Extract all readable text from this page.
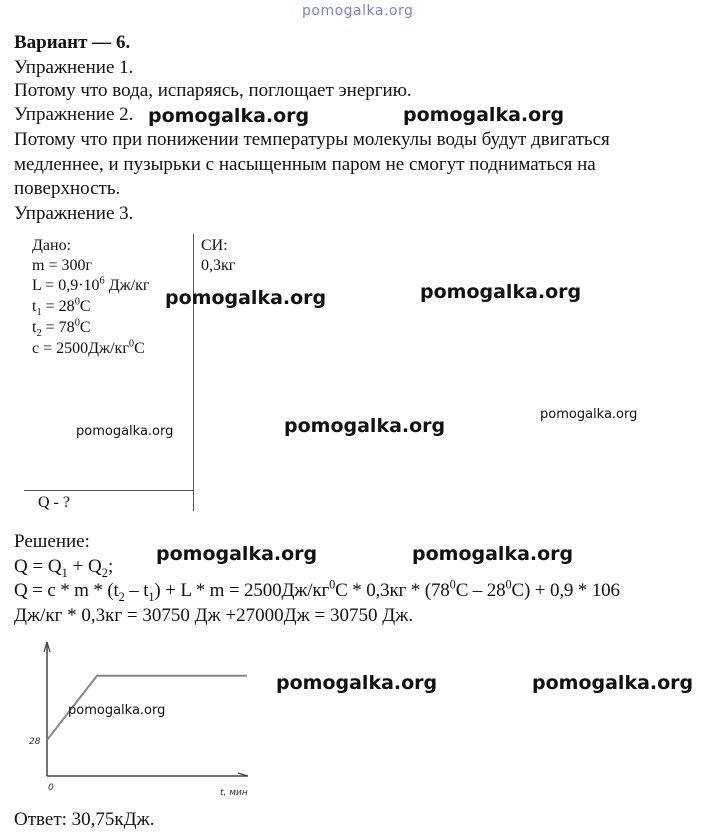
pomogalka.org
Вариант — 6.
Упражнение 1.
Потому что вода, испаряясь, поглощает энергию.
Упражнение 2.
Потому что при понижении температуры молекулы воды будут двигаться
медленнее, и пузырьки с насыщенным паром не смогут подниматься на
поверхность.
Упражнение 3.
Дано:
m = 300г
$L = 0,9\cdot 10^6$ Дж/кг
$t_1 = 28^0C$
$t_2 = 78^0C$
$c = 2500Дж/кг^0C$
СИ:
0,3кг
Q - ?
Решение:
$Q = Q_1 + Q_2$;
$Q = c * m * (t_2 - t_1) + L * m = 2500Дж/кг^0C * 0,3кг * (78^0C - 28^0C) + 0,9 * 106$
Дж/кг * 0,3кг = 30750 Дж +27000Дж = 30750 Дж.
28
0	t, мин
Ответ: 30,75кДж.
pomogalka.org	pomogalka.org
pomogalka.org	pomogalka.org
pomogalka.org	pomogalka.org
pomogalka.org
pomogalka.org	pomogalka.org
pomogalka.org	pomogalka.org
pomogalka.org
